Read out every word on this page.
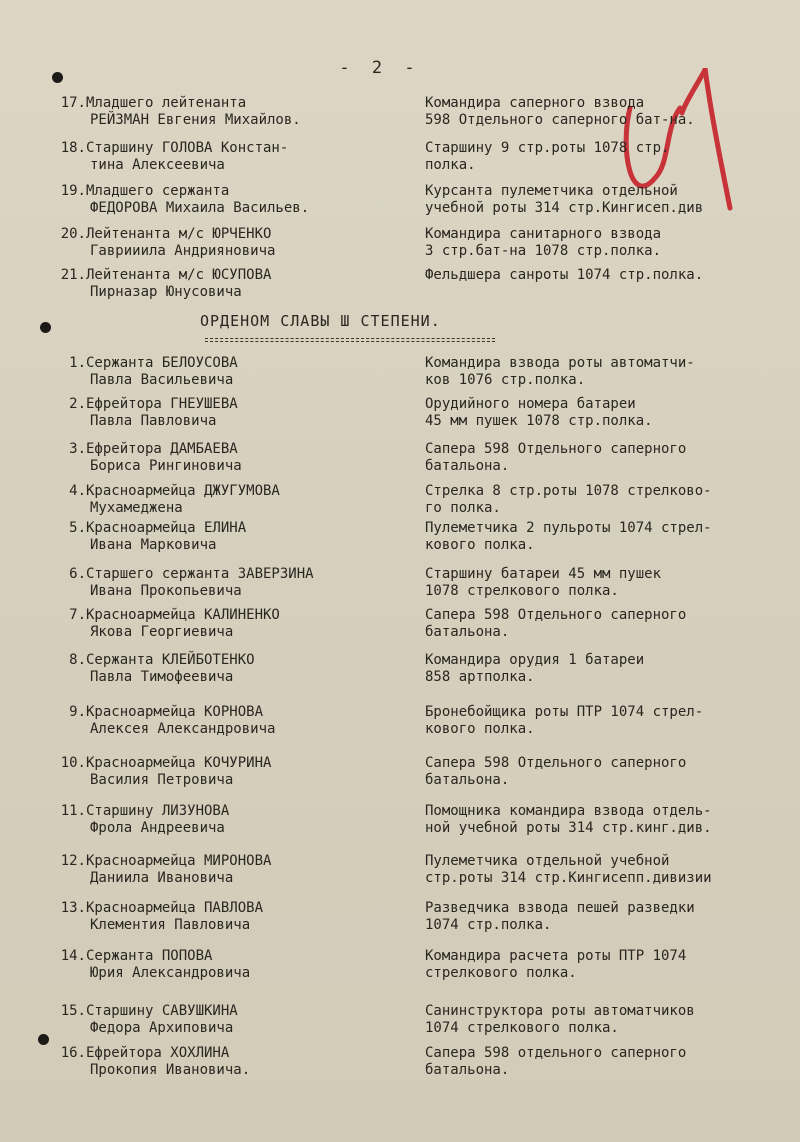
- 2 -
17.Младшего лейтенанта
РЕЙЗМАН Евгения Михайлов.
Командира саперного взвода
598 Отдельного саперного бат-на.
18.Старшину ГОЛОВА Констан-
тина Алексеевича
Старшину 9 стр.роты 1078 стр.
полка.
19.Младшего сержанта
ФЕДОРОВА Михаила Васильев.
Курсанта пулеметчика отдельной
учебной роты 314 стр.Кингисеп.див
20.Лейтенанта м/с ЮРЧЕНКО
Гаврииила Андрияновича
Командира санитарного взвода
3 стр.бат-на 1078 стр.полка.
21.Лейтенанта м/с ЮСУПОВА
Пирназар Юнусовича
Фельдшера санроты 1074 стр.полка.
ОРДЕНОМ СЛАВЫ Ш СТЕПЕНИ.
1.Сержанта БЕЛОУСОВА
Павла Васильевича
Командира взвода роты автоматчи-
ков 1076 стр.полка.
2.Ефрейтора ГНЕУШЕВА
Павла Павловича
Орудийного номера батареи
45 мм пушек 1078 стр.полка.
3.Ефрейтора ДАМБАЕВА
Бориса Рингиновича
Сапера 598 Отдельного саперного
батальона.
4.Красноармейца ДЖУГУМОВА
Мухамеджена
Стрелка 8 стр.роты 1078 стрелково-
го полка.
5.Красноармейца ЕЛИНА
Ивана Марковича
Пулеметчика 2 пульроты 1074 стрел-
кового полка.
6.Старшего сержанта ЗАВЕРЗИНА
Ивана Прокопьевича
Старшину батареи 45 мм пушек
1078 стрелкового полка.
7.Красноармейца КАЛИНЕНКО
Якова Георгиевича
Сапера 598 Отдельного саперного
батальона.
8.Сержанта КЛЕЙБОТЕНКО
Павла Тимофеевича
Командира орудия 1 батареи
858 артполка.
9.Красноармейца КОРНОВА
Алексея Александровича
Бронебойщика роты ПТР 1074 стрел-
кового полка.
10.Красноармейца КОЧУРИНА
Василия Петровича
Сапера 598 Отдельного саперного
батальона.
11.Старшину ЛИЗУНОВА
Фрола Андреевича
Помощника командира взвода отдель-
ной учебной роты 314 стр.кинг.див.
12.Красноармейца МИРОНОВА
Даниила Ивановича
Пулеметчика отдельной учебной
стр.роты 314 стр.Кингисепп.дивизии
13.Красноармейца ПАВЛОВА
Клементия Павловича
Разведчика взвода пешей разведки
1074 стр.полка.
14.Сержанта ПОПОВА
Юрия Александровича
Командира расчета роты ПТР 1074
стрелкового полка.
15.Старшину САВУШКИНА
Федора Архиповича
Санинструктора роты автоматчиков
1074 стрелкового полка.
16.Ефрейтора ХОХЛИНА
Прокопия Ивановича.
Сапера 598 отдельного саперного
батальона.
